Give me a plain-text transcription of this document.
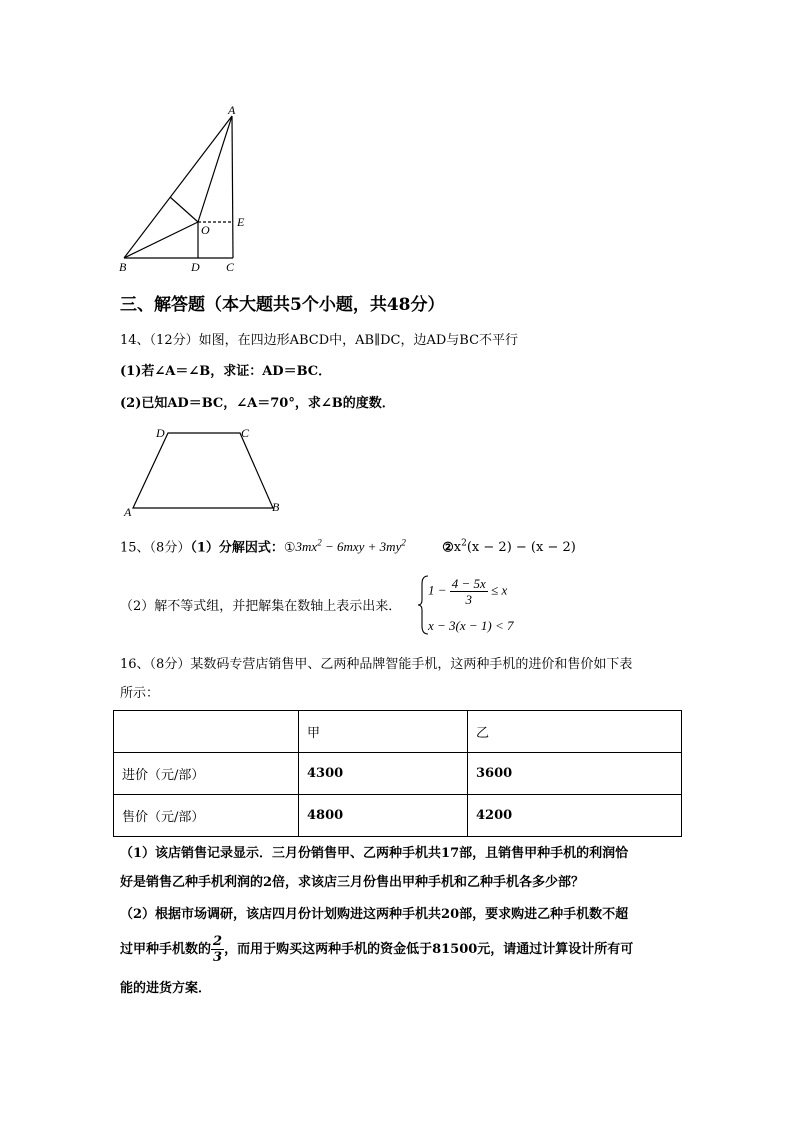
A
B	D C
O
E
三、解答题（本大题共5个小题，共48分）
14、（12分）如图，在四边形ABCD中，AB∥DC，边AD与BC不平行
(1)若∠A＝∠B，求证：AD＝BC．
(2)已知AD＝BC，∠A＝70°，求∠B的度数．
D	C
A	B
15、（8分）（1）分解因式：$①3mx^2 - 6mxy + 3my^2$	$②x^2(x - 2) - (x - 2)$
（2）解不等式组，并把解集在数轴上表示出来．
$1 - \frac{4 - 5x}{3} \le x$
x − 3(x − 1) < 7
16、（8分）某数码专营店销售甲、乙两种品牌智能手机，这两种手机的进价和售价如下表
所示：
	甲	乙
进价（元/部）	4300	3600
售价（元/部）	4800	4200
（1）该店销售记录显示．三月份销售甲、乙两种手机共17部，且销售甲种手机的利润恰
好是销售乙种手机利润的2倍，求该店三月份售出甲种手机和乙种手机各多少部？
（2）根据市场调研，该店四月份计划购进这两种手机共20部，要求购进乙种手机数不超
过甲种手机数的 $\frac{2}{3}$ ，而用于购买这两种手机的资金低于81500元，请通过计算设计所有可
能的进货方案．
